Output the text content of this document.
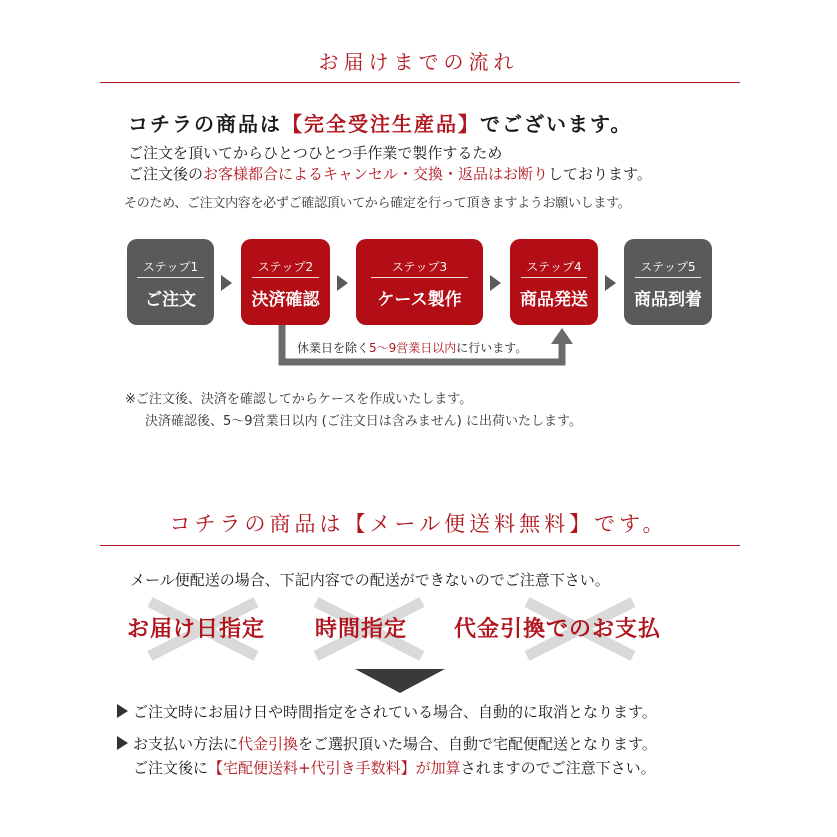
お届けまでの流れ
コチラの商品は【完全受注生産品】でございます。
ご注文を頂いてからひとつひとつ手作業で製作するため
ご注文後のお客様都合によるキャンセル・交換・返品はお断りしております。
そのため、ご注文内容を必ずご確認頂いてから確定を行って頂きますようお願いします。
ステップ1
ご注文
ステップ2
決済確認
ステップ3
ケース製作
ステップ4
商品発送
ステップ5
商品到着
休業日を除く5〜9営業日以内に行います。
※ご注文後、決済を確認してからケースを作成いたします。
決済確認後、5〜9営業日以内 (ご注文日は含みません) に出荷いたします。
コチラの商品は【メール便送料無料】です。
メール便配送の場合、下記内容での配送ができないのでご注意下さい。
お届け日指定 時間指定 代金引換でのお支払
ご注文時にお届け日や時間指定をされている場合、自動的に取消となります。
お支払い方法に代金引換をご選択頂いた場合、自動で宅配便配送となります。
ご注文後に【宅配便送料+代引き手数料】が加算されますのでご注意下さい。
